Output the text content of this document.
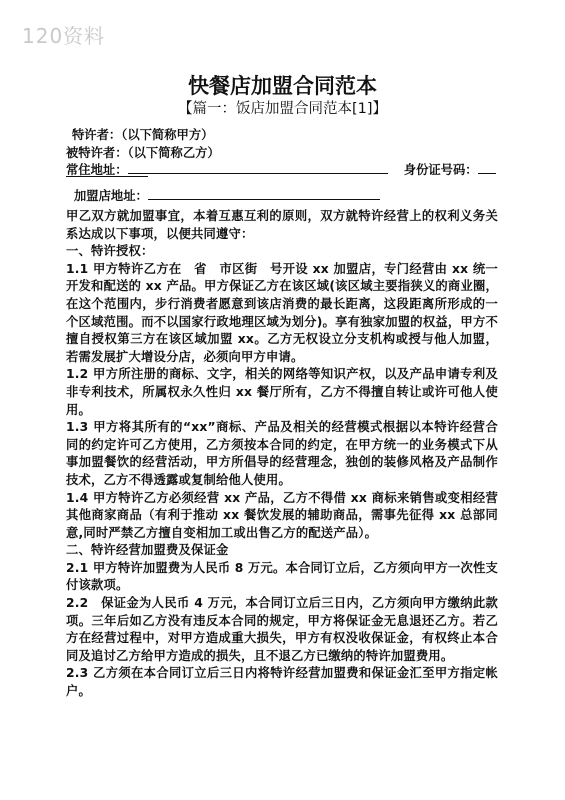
120资料
快餐店加盟合同范本
【篇一：饭店加盟合同范本[1]】
特许者：（以下简称甲方）
被特许者：（以下简称乙方）
常住地址：	身份证号码：
加盟店地址：

甲乙双方就加盟事宜，本着互惠互利的原则，双方就特许经营上的权利义务关系达成以下事项，以便共同遵守：

一、特许授权：

1.1 甲方特许乙方在　省　市区街　号开设 xx 加盟店，专门经营由 xx 统一开发和配送的 xx 产品。甲方保证乙方在该区域(该区域主要指狭义的商业圈，在这个范围内，步行消费者愿意到该店消费的最长距离，这段距离所形成的一个区域范围。而不以国家行政地理区域为划分)。享有独家加盟的权益，甲方不擅自授权第三方在该区域加盟 xx。乙方无权设立分支机构或授与他人加盟，若需发展扩大增设分店，必须向甲方申请。

1.2 甲方所注册的商标、文字，相关的网络等知识产权，以及产品申请专利及非专利技术，所属权永久性归 xx 餐厅所有，乙方不得擅自转让或许可他人使用。

1.3 甲方将其所有的“xx”商标、产品及相关的经营模式根据以本特许经营合同的约定许可乙方使用，乙方须按本合同的约定，在甲方统一的业务模式下从事加盟餐饮的经营活动，甲方所倡导的经营理念，独创的装修风格及产品制作技术，乙方不得透露或复制给他人使用。

1.4 甲方特许乙方必须经营 xx 产品，乙方不得借 xx 商标来销售或变相经营其他商家商品（有利于推动 xx 餐饮发展的辅助商品，需事先征得 xx 总部同意,同时严禁乙方擅自变相加工或出售乙方的配送产品）。

二、特许经营加盟费及保证金

2.1 甲方特许加盟费为人民币 8 万元。本合同订立后，乙方须向甲方一次性支付该款项。

2.2　保证金为人民币 4 万元，本合同订立后三日内，乙方须向甲方缴纳此款项。三年后如乙方没有违反本合同的规定，甲方将保证金无息退还乙方。若乙方在经营过程中，对甲方造成重大损失，甲方有权没收保证金，有权终止本合同及追讨乙方给甲方造成的损失，且不退乙方已缴纳的特许加盟费用。

2.3 乙方须在本合同订立后三日内将特许经营加盟费和保证金汇至甲方指定帐户。
